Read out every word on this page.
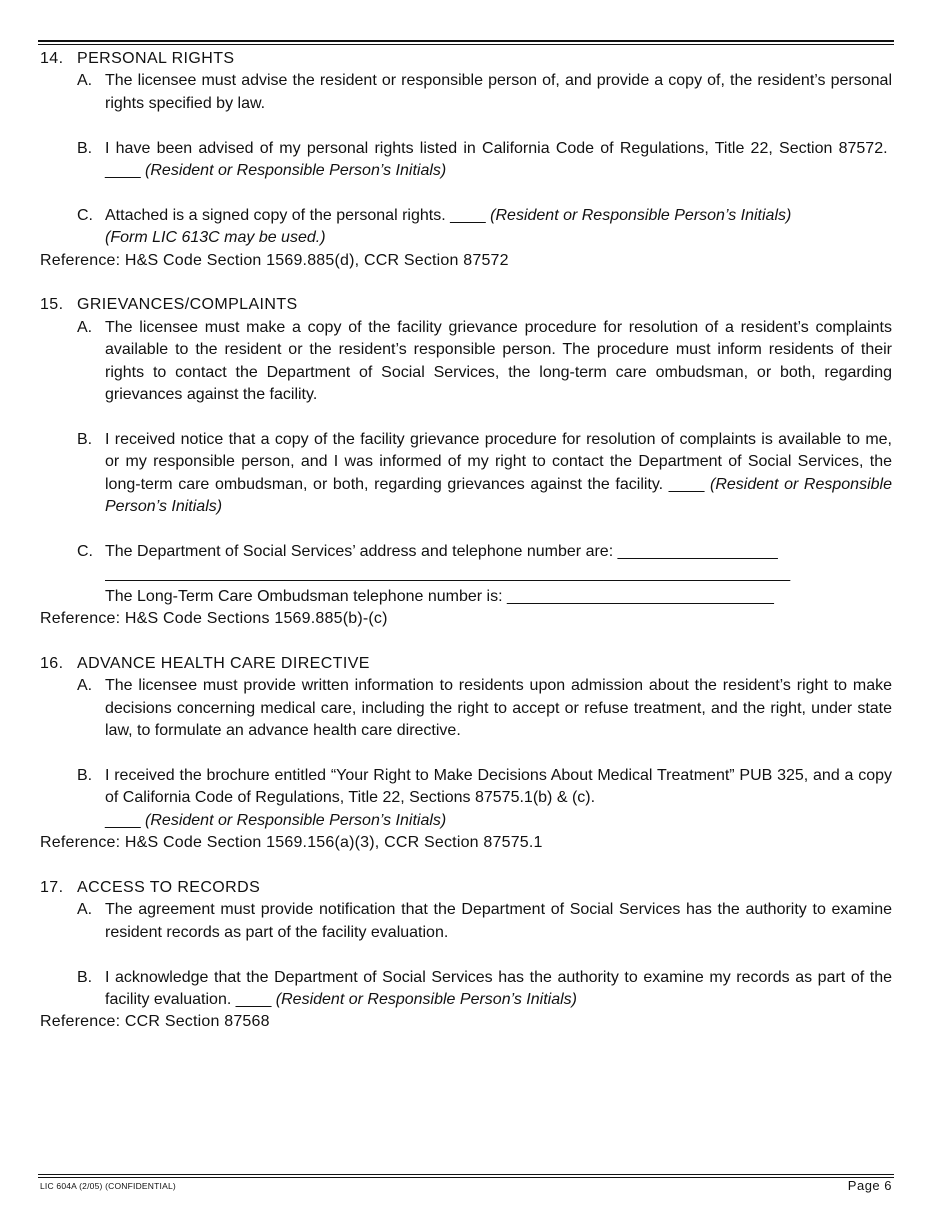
14. PERSONAL RIGHTS
A. The licensee must advise the resident or responsible person of, and provide a copy of, the resident’s personal rights specified by law.
B. I have been advised of my personal rights listed in California Code of Regulations, Title 22, Section 87572.  ____ (Resident or Responsible Person’s Initials)
C. Attached is a signed copy of the personal rights. ____ (Resident or Responsible Person’s Initials)
(Form LIC 613C may be used.)
Reference: H&S Code Section 1569.885(d), CCR Section 87572
15. GRIEVANCES/COMPLAINTS
A. The licensee must make a copy of the facility grievance procedure for resolution of a resident’s complaints available to the resident or the resident’s responsible person. The procedure must inform residents of their rights to contact the Department of Social Services, the long-term care ombudsman, or both, regarding grievances against the facility.
B. I received notice that a copy of the facility grievance procedure for resolution of complaints is available to me, or my responsible person, and I was informed of my right to contact the Department of Social Services, the long-term care ombudsman, or both, regarding grievances against the facility. ____ (Resident or Responsible Person’s Initials)
C. The Department of Social Services’ address and telephone number are: __________________
_____________________________________________________________________________
The Long-Term Care Ombudsman telephone number is: ______________________________
Reference: H&S Code Sections 1569.885(b)-(c)
16. ADVANCE HEALTH CARE DIRECTIVE
A. The licensee must provide written information to residents upon admission about the resident’s right to make decisions concerning medical care, including the right to accept or refuse treatment, and the right, under state law, to formulate an advance health care directive.
B. I received the brochure entitled “Your Right to Make Decisions About Medical Treatment” PUB 325, and a copy of California Code of Regulations, Title 22, Sections 87575.1(b) & (c).
____ (Resident or Responsible Person’s Initials)
Reference: H&S Code Section 1569.156(a)(3), CCR Section 87575.1
17. ACCESS TO RECORDS
A. The agreement must provide notification that the Department of Social Services has the authority to examine resident records as part of the facility evaluation.
B. I acknowledge that the Department of Social Services has the authority to examine my records as part of the facility evaluation. ____ (Resident or Responsible Person’s Initials)
Reference: CCR Section 87568
LIC 604A (2/05) (CONFIDENTIAL)	Page 6
